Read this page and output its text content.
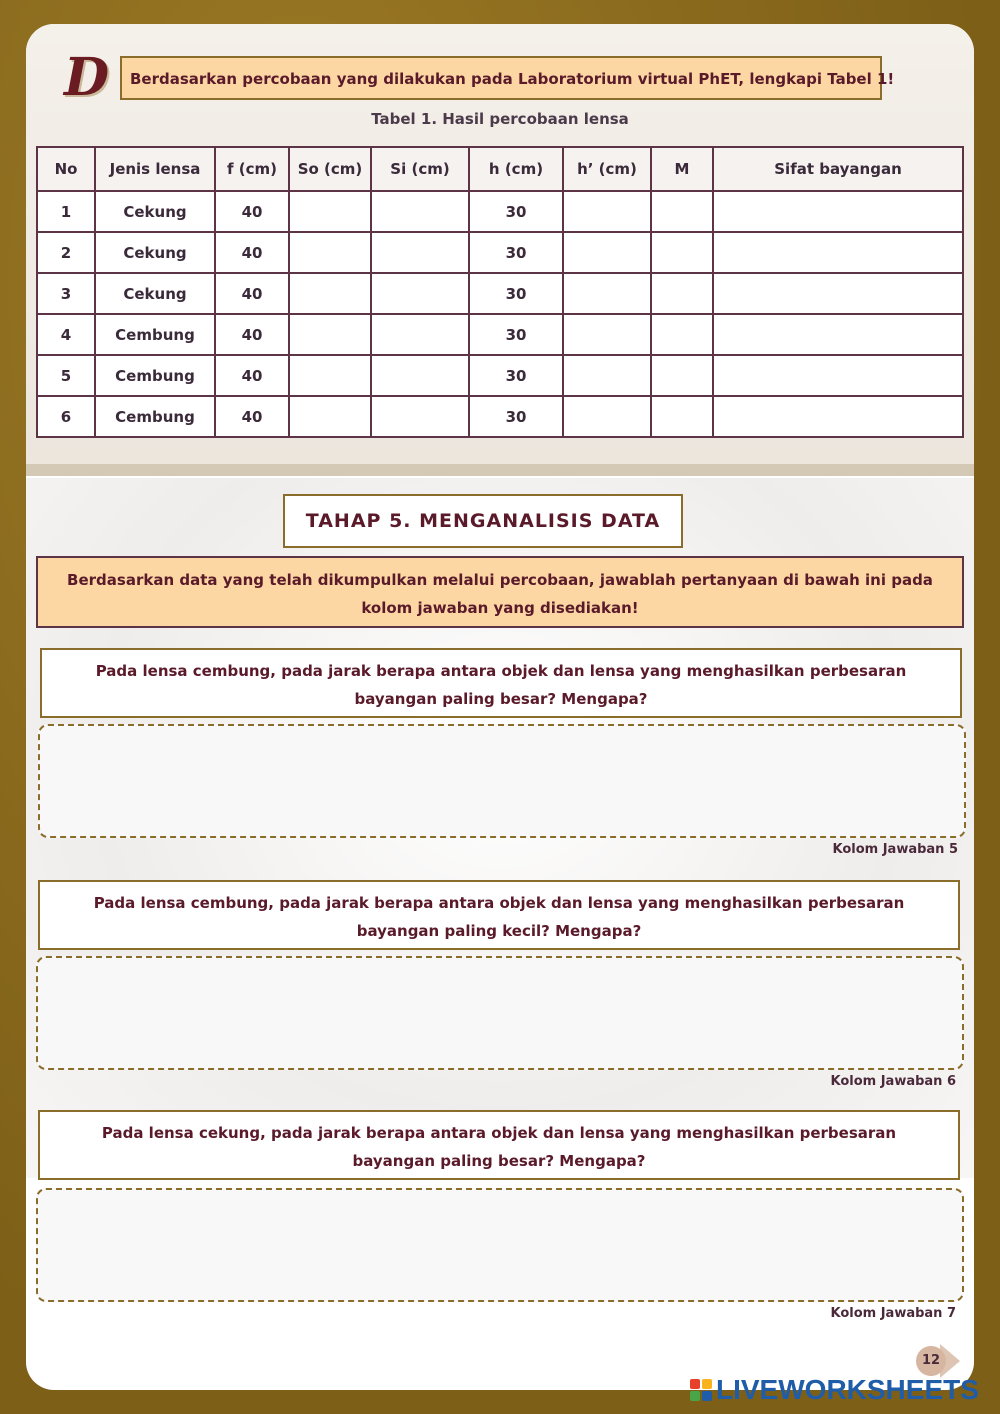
D	Berdasarkan percobaan yang dilakukan pada Laboratorium virtual PhET, lengkapi Tabel 1!
Tabel 1. Hasil percobaan lensa
No	Jenis lensa	f (cm)	So (cm)	Si (cm)	h (cm)	h’ (cm)	M	Sifat bayangan
1	Cekung	40			30			
2	Cekung	40			30			
3	Cekung	40			30			
4	Cembung	40			30			
5	Cembung	40			30			
6	Cembung	40			30			
TAHAP 5. MENGANALISIS DATA
Berdasarkan data yang telah dikumpulkan melalui percobaan, jawablah pertanyaan di bawah ini pada kolom jawaban yang disediakan!
Pada lensa cembung, pada jarak berapa antara objek dan lensa yang menghasilkan perbesaran bayangan paling besar? Mengapa?
Kolom Jawaban 5
Pada lensa cembung, pada jarak berapa antara objek dan lensa yang menghasilkan perbesaran bayangan paling kecil? Mengapa?
Kolom Jawaban 6
Pada lensa cekung, pada jarak berapa antara objek dan lensa yang menghasilkan perbesaran bayangan paling besar? Mengapa?
Kolom Jawaban 7
12
LIVEWORKSHEETS
